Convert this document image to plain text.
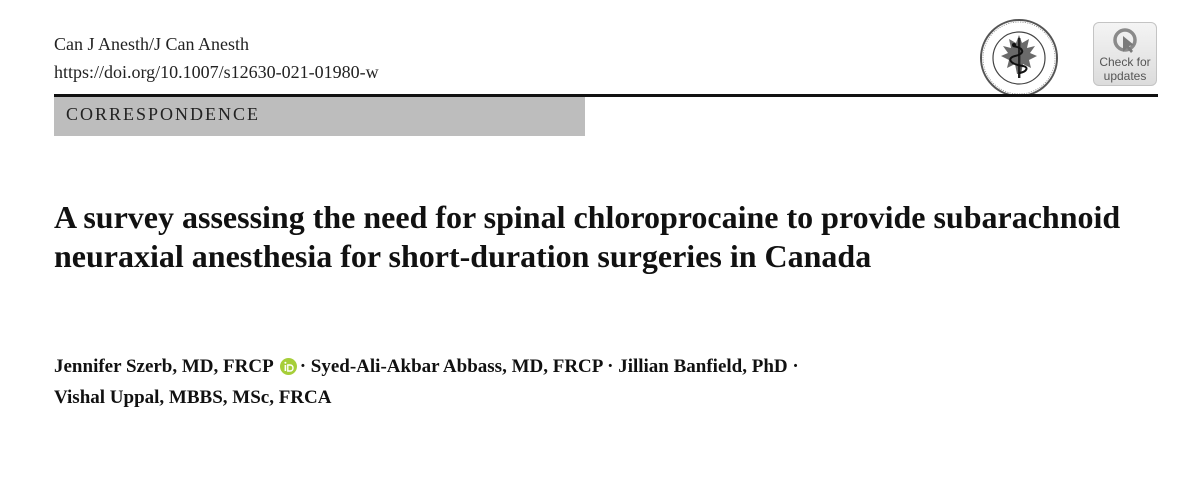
Can J Anesth/J Can Anesth
https://doi.org/10.1007/s12630-021-01980-w	Check for
updates
CORRESPONDENCE
A survey assessing the need for spinal chloroprocaine to provide subarachnoid neuraxial anesthesia for short-duration surgeries in Canada
Jennifer Szerb, MD, FRCP · Syed-Ali-Akbar Abbass, MD, FRCP · Jillian Banfield, PhD ·
Vishal Uppal, MBBS, MSc, FRCA
